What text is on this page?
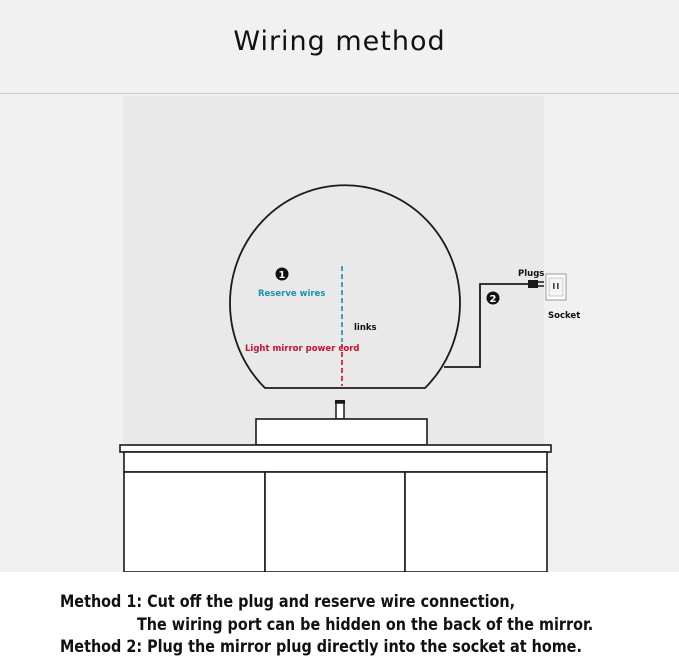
Wiring method
1
Reserve wires
Light mirror power cord
links
Plugs
Socket
2
Method 1: Cut off the plug and reserve wire connection,
The wiring port can be hidden on the back of the mirror.
Method 2: Plug the mirror plug directly into the socket at home.
